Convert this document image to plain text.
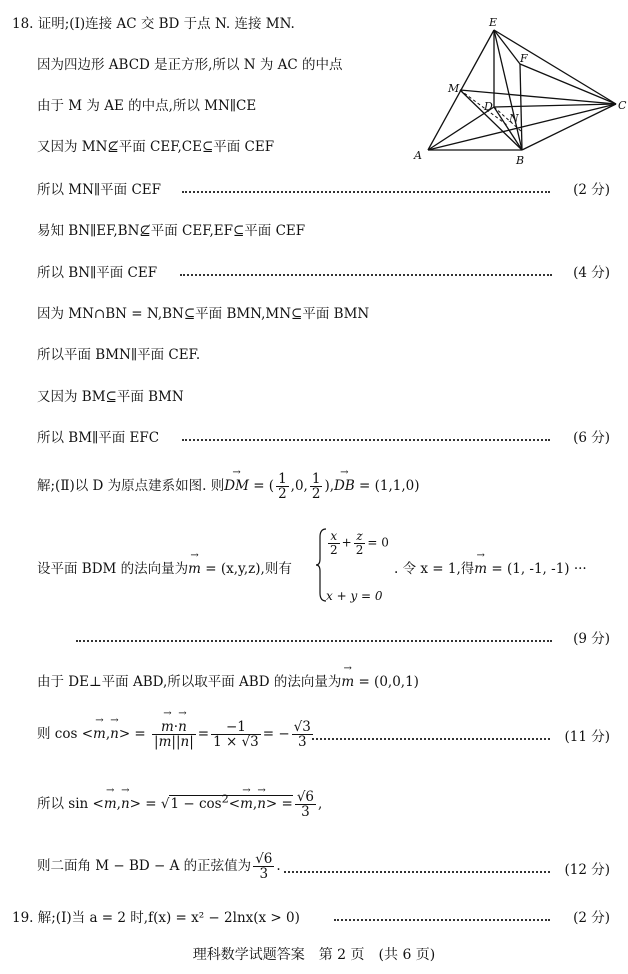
E
F
M
D
N
A	B
C
18. 证明;(Ⅰ)连接 AC 交 BD 于点 N. 连接 MN.
因为四边形 ABCD 是正方形,所以 N 为 AC 的中点
由于 M 为 AE 的中点,所以 MN∥CE
又因为 MN⊈平面 CEF,CE⊆平面 CEF
所以 MN∥平面 CEF	(2 分)
易知 BN∥EF,BN⊈平面 CEF,EF⊆平面 CEF
所以 BN∥平面 CEF	(4 分)
因为 MN∩BN = N,BN⊆平面 BMN,MN⊆平面 BMN
所以平面 BMN∥平面 CEF.
又因为 BM⊆平面 BMN
所以 BM∥平面 EFC	(6 分)
解;(Ⅱ)以 D 为原点建系如图. 则→ DM = ( $\frac{1}{2} ,0$, $\frac{1}{2}$ ),→ DB = (1,1,0)
设平面 BDM 的法向量为→ m = (x,y,z),则有
$\frac{x}{2} + \frac{z}{2} = 0$
x + y = 0
. 令 x = 1,得→ m = (1, -1, -1) ···
(9 分)
由于 DE⊥平面 ABD,所以取平面 ABD 的法向量为→ m = (0,0,1)
则 cos <→ m,→ n> =
→ $\frac{m\cdot\to n}{|m||n|} = \frac{-1}{1 \times √3}$ = − $\frac{√3}{3}$	(11 分)
所以 $\sin <\to m,\to n> = √1 - \cos^2<\to m,\to n> = \frac{√6}{3}$ ,
则二面角 M − BD − A 的正弦值为 $\frac{√6}{3}$ .	(12 分)
19. 解;(Ⅰ)当 a = 2 时,f(x) = x² − 2lnx(x > 0)	(2 分)
理科数学试题答案　第 2 页　(共 6 页)
